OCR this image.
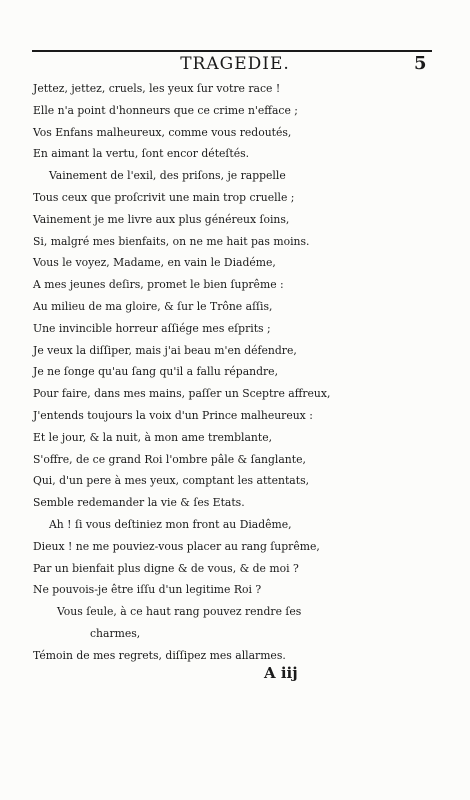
TRAGEDIE.	5
Jettez, jettez, cruels, les yeux ſur votre race !
Elle n'a point d'honneurs que ce crime n'efface ;
Vos Enfans malheureux, comme vous redoutés,
En aimant la vertu, ſont encor déteſtés.
Vainement de l'exil, des priſons, je rappelle
Tous ceux que proſcrivit une main trop cruelle ;
Vainement je me livre aux plus généreux ſoins,
Si, malgré mes bienfaits, on ne me hait pas moins.
Vous le voyez, Madame, en vain le Diadéme,
A mes jeunes deſirs, promet le bien ſuprême :
Au milieu de ma gloire, & ſur le Trône aſſis,
Une invincible horreur aſſiége mes eſprits ;
Je veux la diſſiper, mais j'ai beau m'en défendre,
Je ne ſonge qu'au ſang qu'il a fallu répandre,
Pour faire, dans mes mains, paſſer un Sceptre affreux,
J'entends toujours la voix d'un Prince malheureux :
Et le jour, & la nuit, à mon ame tremblante,
S'offre, de ce grand Roi l'ombre pâle & ſanglante,
Qui, d'un pere à mes yeux, comptant les attentats,
Semble redemander la vie & ſes Etats.
Ah ! ſi vous deſtiniez mon front au Diadême,
Dieux ! ne me pouviez-vous placer au rang ſuprême,
Par un bienfait plus digne & de vous, & de moi ?
Ne pouvois-je être iſſu d'un legitime Roi ?
Vous ſeule, à ce haut rang pouvez rendre ſes
charmes,
Témoin de mes regrets, diſſipez mes allarmes.
A iij
